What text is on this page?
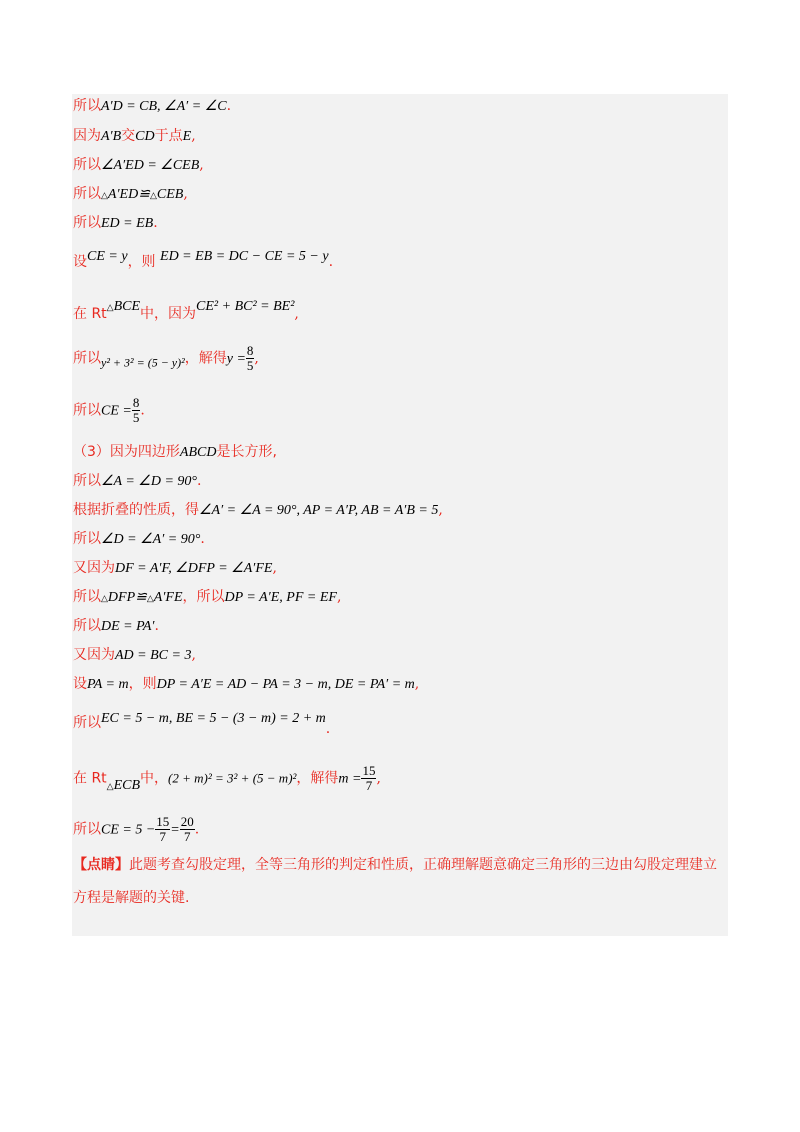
所以A′D = CB, ∠A′ = ∠C.
因为A′B交CD于点E,
所以∠A′ED = ∠CEB,
所以△A′ED≌△CEB,
所以ED = EB.
设CE = y，则 ED = EB = DC − CE = 5 − y.
在 Rt△BCE中，因为CE² + BC² = BE²,
所以y² + 3² = (5 − y)²，解得$y = \frac{8}{5}$ ,
所以CE = $\frac{8}{5}$ .
（3）因为四边形ABCD是长方形,
所以∠A = ∠D = 90°.
根据折叠的性质，得∠A′ = ∠A = 90°, AP = A′P, AB = A′B = 5,
所以∠D = ∠A′ = 90°.
又因为DF = A′F, ∠DFP = ∠A′FE,
所以△DFP≌△A′FE，所以DP = A′E, PF = EF,
所以DE = PA′.
又因为AD = BC = 3,
设PA = m，则DP = A′E = AD − PA = 3 − m, DE = PA′ = m,
所以EC = 5 − m, BE = 5 − (3 − m) = 2 + m.
在 Rt△ECB中，(2 + m)² = 3² + (5 − m)²，解得$m = \frac{15}{7}$ ,
所以CE = $5 - \frac{15}{7} = \frac{20}{7}$ .
【点睛】此题考查勾股定理，全等三角形的判定和性质，正确理解题意确定三角形的三边由勾股定理建立
方程是解题的关键.
